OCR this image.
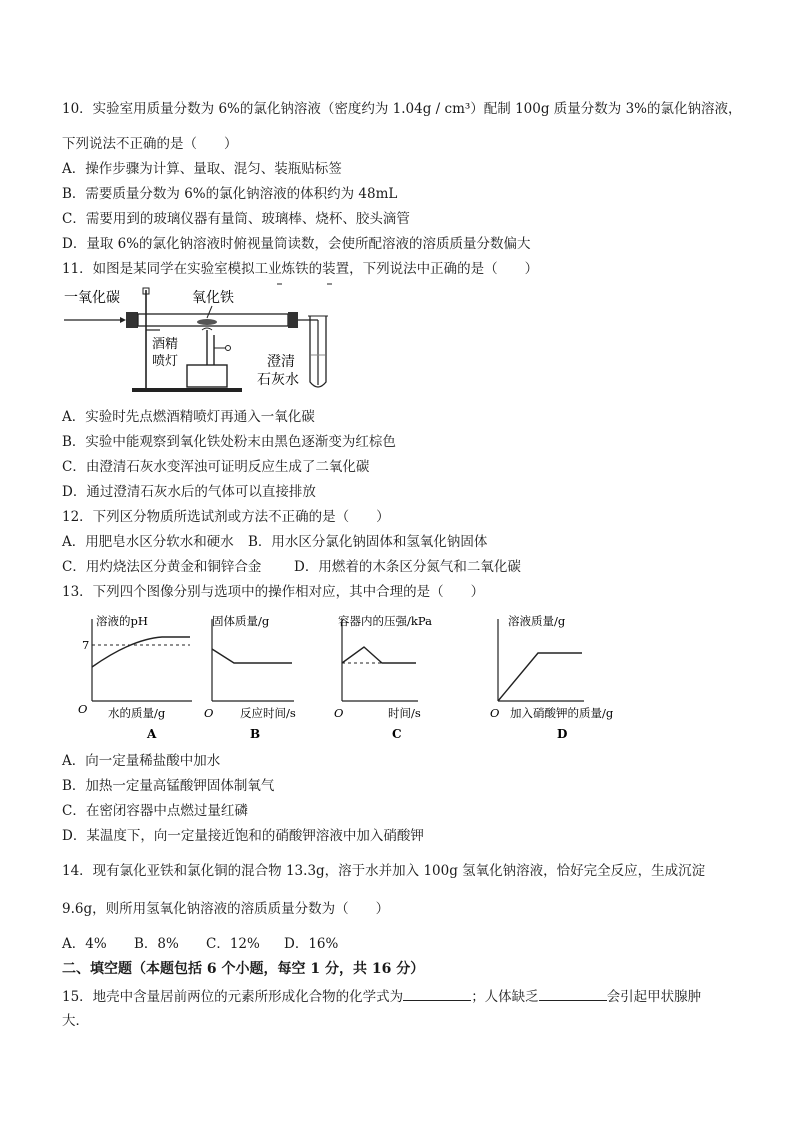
10．实验室用质量分数为 6%的氯化钠溶液（密度约为 1.04g / cm³）配制 100g 质量分数为 3%的氯化钠溶液，
下列说法不正确的是（　　）
A．操作步骤为计算、量取、混匀、装瓶贴标签
B．需要质量分数为 6%的氯化钠溶液的体积约为 48mL
C．需要用到的玻璃仪器有量筒、玻璃棒、烧杯、胶头滴管
D．量取 6%的氯化钠溶液时俯视量筒读数，会使所配溶液的溶质质量分数偏大
11．如图是某同学在实验室模拟工业炼铁的装置，下列说法中正确的是（　　）
一氧化碳	氧化铁
酒精
喷灯	澄清
石灰水
A．实验时先点燃酒精喷灯再通入一氧化碳
B．实验中能观察到氧化铁处粉末由黑色逐渐变为红棕色
C．由澄清石灰水变浑浊可证明反应生成了二氧化碳
D．通过澄清石灰水后的气体可以直接排放
12．下列区分物质所选试剂或方法不正确的是（　　）
A．用肥皂水区分软水和硬水 B．用水区分氯化钠固体和氢氧化钠固体
C．用灼烧法区分黄金和铜锌合金 D．用燃着的木条区分氮气和二氧化碳
13．下列四个图像分别与选项中的操作相对应，其中合理的是（　　）
溶液的pH
7
O 水的质量/g
A
固体质量/g
O 反应时间/s
B
容器内的压强/kPa
O	时间/s
C
溶液质量/g
O 加入硝酸钾的质量/g
D
A．向一定量稀盐酸中加水
B．加热一定量高锰酸钾固体制氧气
C．在密闭容器中点燃过量红磷
D．某温度下，向一定量接近饱和的硝酸钾溶液中加入硝酸钾
14．现有氯化亚铁和氯化铜的混合物 13.3g，溶于水并加入 100g 氢氧化钠溶液，恰好完全反应，生成沉淀
9.6g，则所用氢氧化钠溶液的溶质质量分数为（　　）
A．4% B．8% C．12% D．16%
二、填空题（本题包括 6 个小题，每空 1 分，共 16 分）
15．地壳中含量居前两位的元素所形成化合物的化学式为	；人体缺乏	会引起甲状腺肿
大．
